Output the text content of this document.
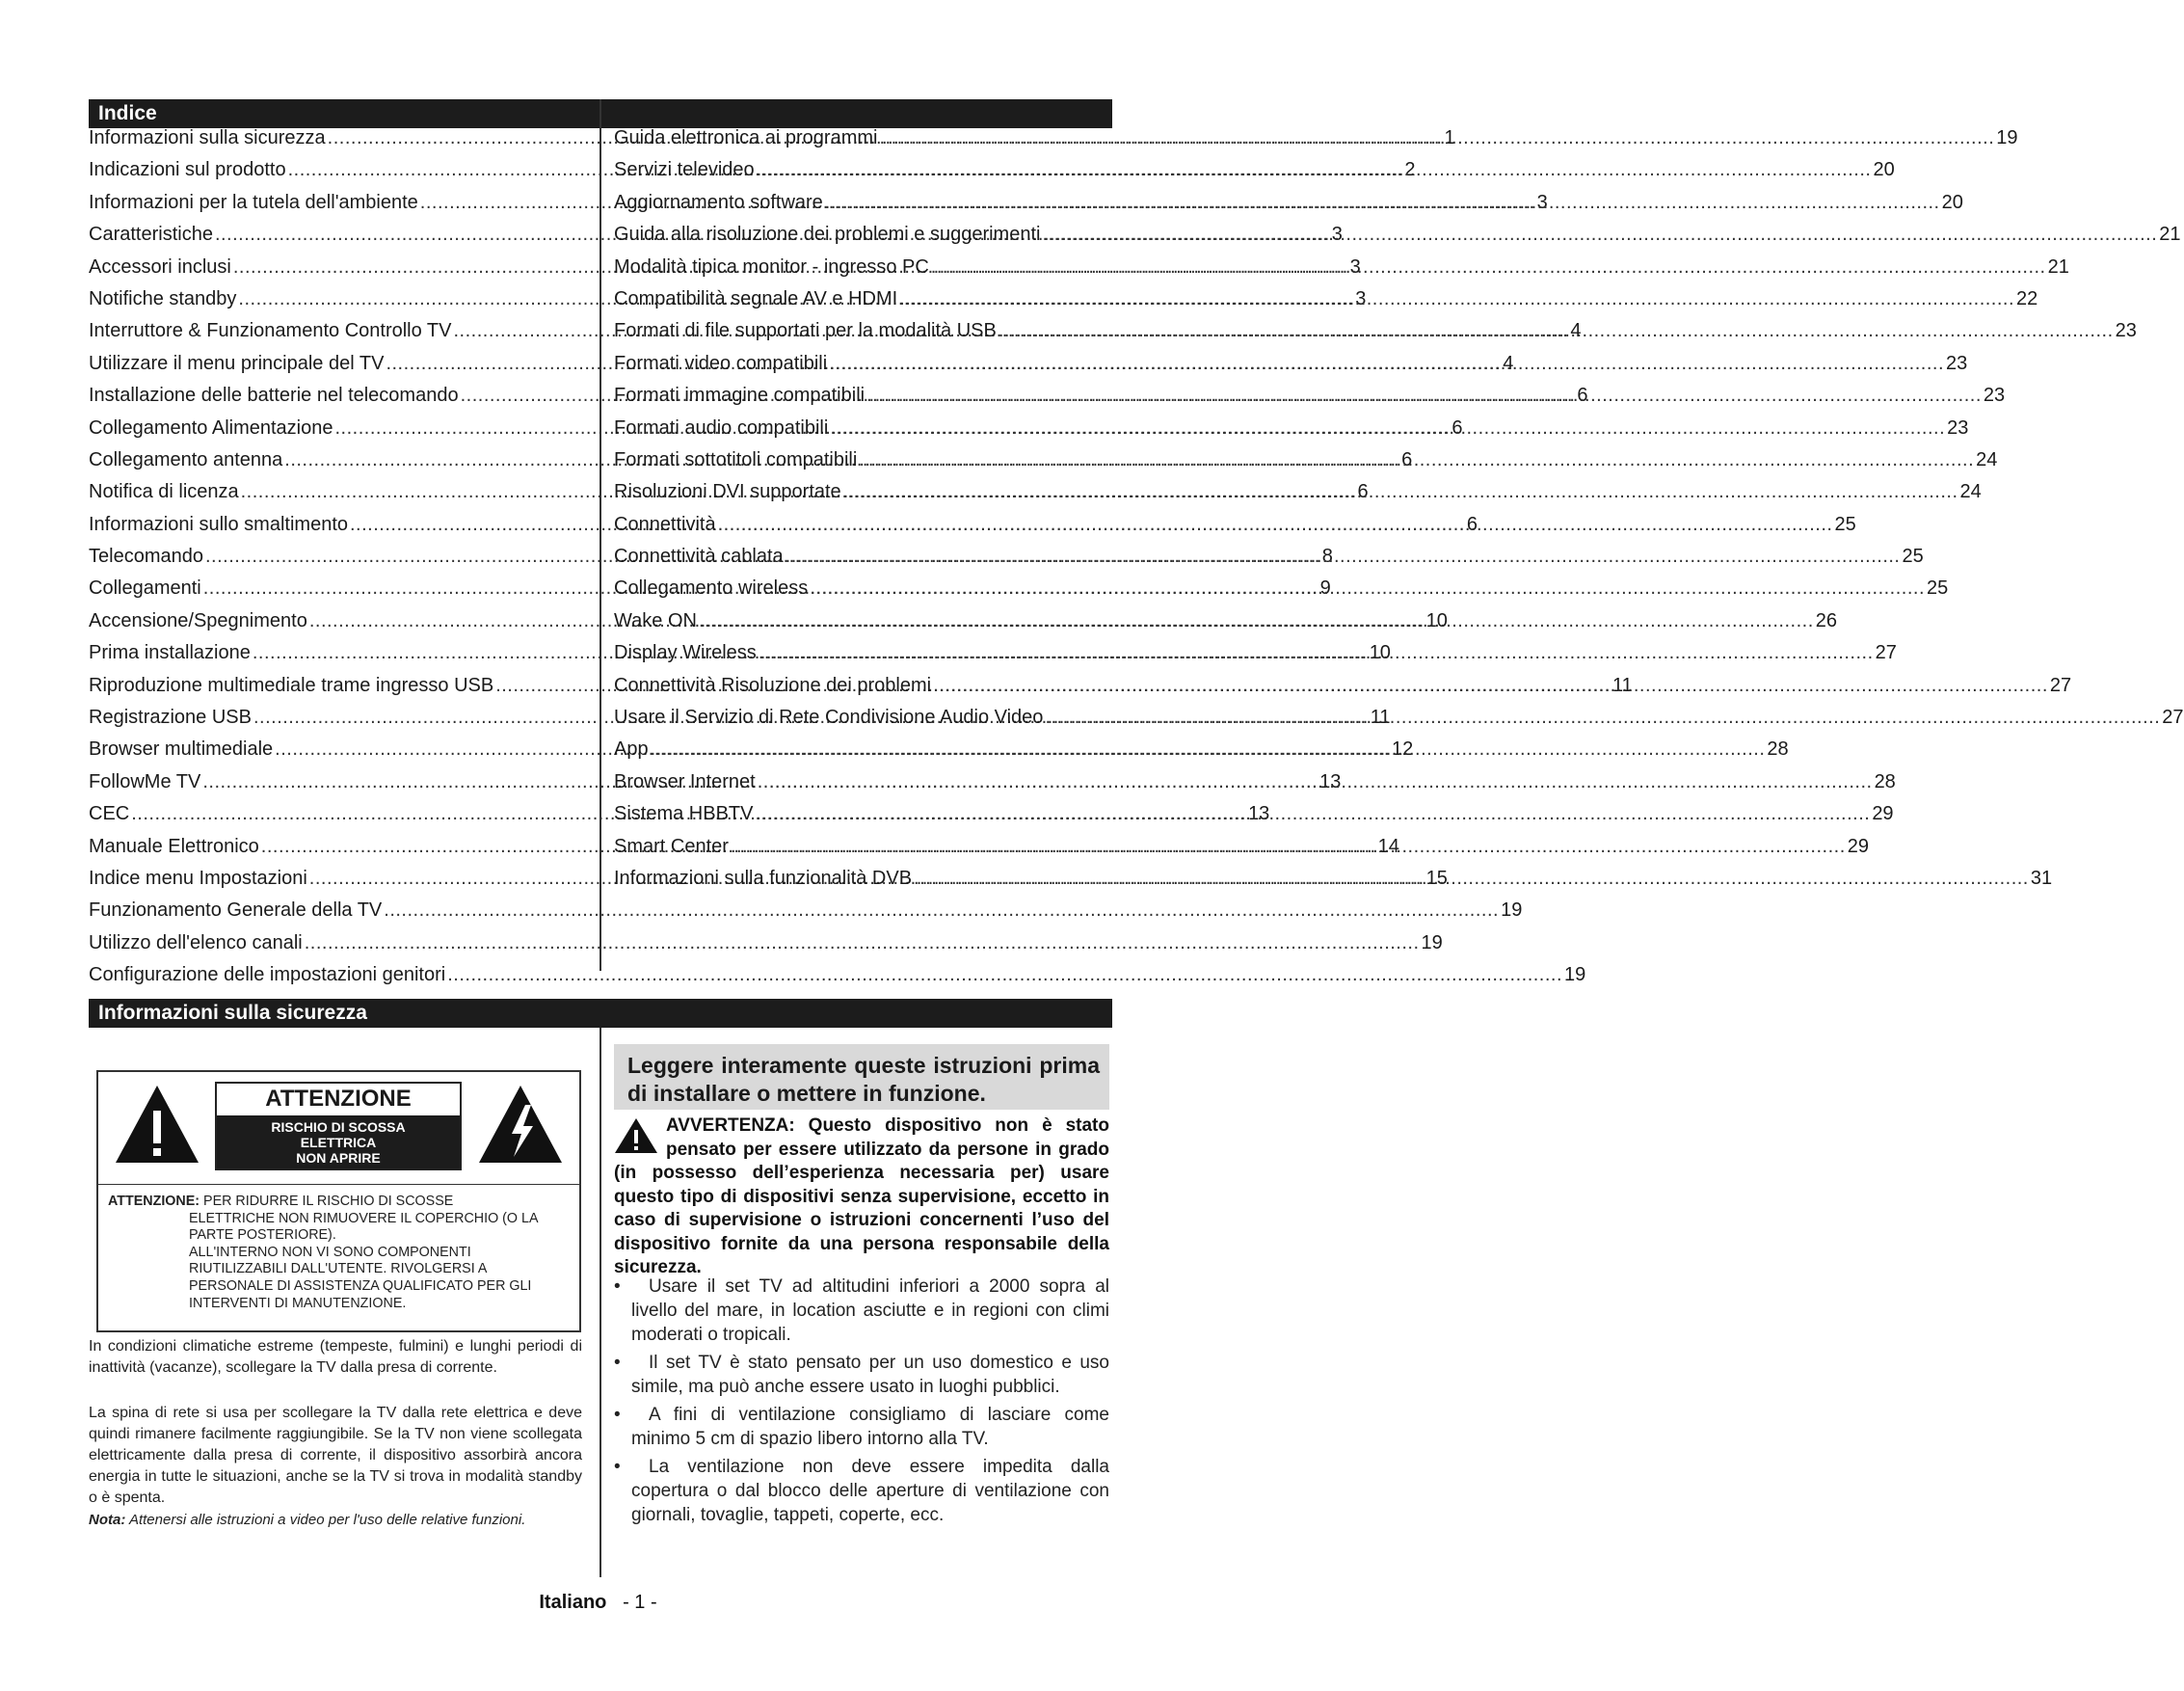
Indice
Informazioni sulla sicurezza .....	1
Indicazioni sul prodotto .....	2
Informazioni per la tutela dell'ambiente .....	3
Caratteristiche .....	3
Accessori inclusi .....	3
Notifiche standby .....	3
Interruttore & Funzionamento Controllo TV .....	4
Utilizzare il menu principale del TV .....	4
Installazione delle batterie nel telecomando .....	6
Collegamento Alimentazione .....	6
Collegamento antenna .....	6
Notifica di licenza .....	6
Informazioni sullo smaltimento .....	6
Telecomando .....	8
Collegamenti .....	9
Accensione/Spegnimento .....	10
Prima installazione .....	10
Riproduzione multimediale trame ingresso USB .....	11
Registrazione USB .....	11
Browser multimediale .....	12
FollowMe TV .....	13
CEC .....	13
Manuale Elettronico .....	14
Indice menu Impostazioni .....	15
Funzionamento Generale della TV .....	19
Utilizzo dell'elenco canali .....	19
Configurazione delle impostazioni genitori .....	19
Guida elettronica ai programmi .....	19
Servizi televideo .....	20
Aggiornamento software .....	20
Guida alla risoluzione dei problemi e suggerimenti .....	21
Modalità tipica monitor - ingresso PC .....	21
Compatibilità segnale AV e HDMI .....	22
Formati di file supportati per la modalità USB .....	23
Formati video compatibili .....	23
Formati immagine compatibili .....	23
Formati audio compatibili .....	23
Formati sottotitoli compatibili .....	24
Risoluzioni DVI supportate .....	24
Connettività .....	25
Connettività cablata .....	25
Collegamento wireless .....	25
Wake ON .....	26
Display Wireless .....	27
Connettività Risoluzione dei problemi .....	27
Usare il Servizio di Rete Condivisione Audio Video .....	27
App .....	28
Browser Internet .....	28
Sistema HBBTV .....	29
Smart Center .....	29
Informazioni sulla funzionalità DVB .....	31
Informazioni sulla sicurezza
ATTENZIONE
RISCHIO DI SCOSSA
ELETTRICA
NON APRIRE
ATTENZIONE: PER RIDURRE IL RISCHIO DI SCOSSE
ELETTRICHE NON RIMUOVERE IL COPERCHIO (O LA PARTE POSTERIORE).
ALL'INTERNO NON VI SONO COMPONENTI RIUTILIZZABILI DALL'UTENTE. RIVOLGERSI A PERSONALE DI ASSISTENZA QUALIFICATO PER GLI INTERVENTI DI MANUTENZIONE.
In condizioni climatiche estreme (tempeste, fulmini) e lunghi periodi di inattività (vacanze), scollegare la TV dalla presa di corrente.
La spina di rete si usa per scollegare la TV dalla rete elettrica e deve quindi rimanere facilmente raggiungibile. Se la TV non viene scollegata elettricamente dalla presa di corrente, il dispositivo assorbirà ancora energia in tutte le situazioni, anche se la TV si trova in modalità standby o è spenta.
Nota: Attenersi alle istruzioni a video per l'uso delle relative funzioni.
Leggere interamente queste istruzioni prima di installare o mettere in funzione.
AVVERTENZA: Questo dispositivo non è stato pensato per essere utilizzato da persone in grado (in possesso dell’esperienza necessaria per) usare questo tipo di dispositivi senza supervisione, eccetto in caso di supervisione o istruzioni concernenti l’uso del dispositivo fornite da una persona responsabile della sicurezza.
•	Usare il set TV ad altitudini inferiori a 2000 sopra al livello del mare, in location asciutte e in regioni con climi moderati o tropicali.
•	Il set TV è stato pensato per un uso domestico e uso simile, ma può anche essere usato in luoghi pubblici.
•	A fini di ventilazione consigliamo di lasciare come minimo 5 cm di spazio libero intorno alla TV.
•	La ventilazione non deve essere impedita dalla copertura o dal blocco delle aperture di ventilazione con giornali, tovaglie, tappeti, coperte, ecc.
Italiano - 1 -
